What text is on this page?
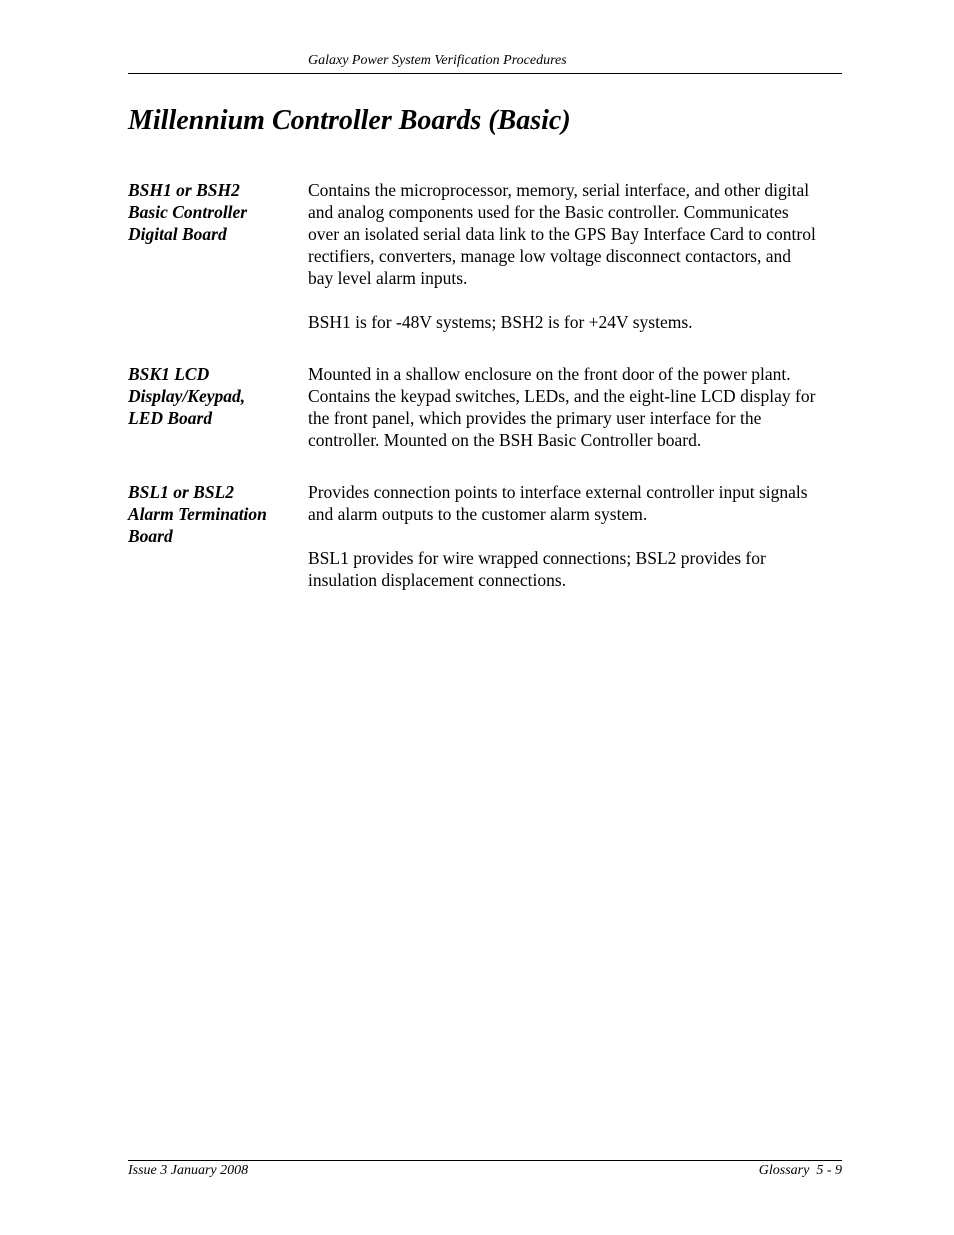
Galaxy Power System Verification Procedures
Millennium Controller Boards (Basic)
BSH1 or BSH2
Basic Controller
Digital Board

Contains the microprocessor, memory, serial interface, and other digital
and analog components used for the Basic controller. Communicates
over an isolated serial data link to the GPS Bay Interface Card to control
rectifiers, converters, manage low voltage disconnect contactors, and
bay level alarm inputs.

BSH1 is for -48V systems; BSH2 is for +24V systems.

BSK1 LCD
Display/Keypad,
LED Board

Mounted in a shallow enclosure on the front door of the power plant.
Contains the keypad switches, LEDs, and the eight-line LCD display for
the front panel, which provides the primary user interface for the
controller. Mounted on the BSH Basic Controller board.

BSL1 or BSL2
Alarm Termination
Board

Provides connection points to interface external controller input signals
and alarm outputs to the customer alarm system.

BSL1 provides for wire wrapped connections; BSL2 provides for
insulation displacement connections.

Issue 3 January 2008	Glossary  5 - 9
